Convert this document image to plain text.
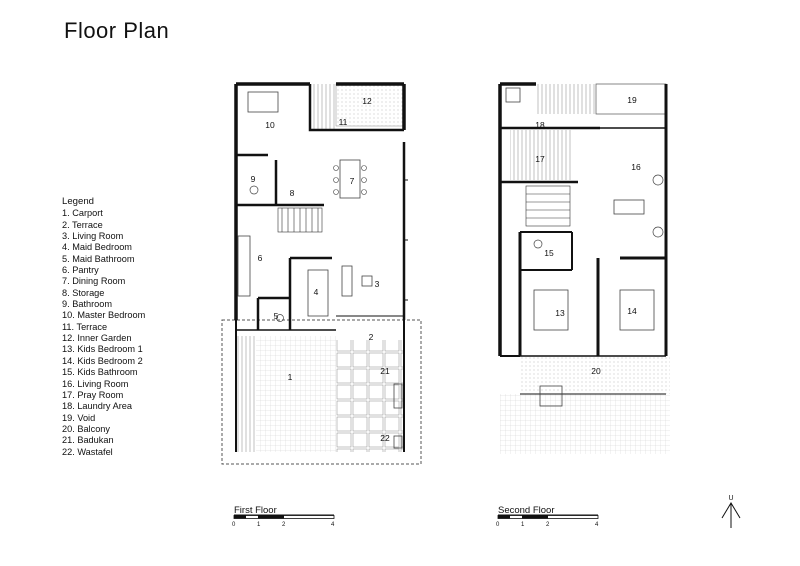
Floor Plan
Legend
1. Carport
2. Terrace
3. Living Room
4. Maid Bedroom
5. Maid Bathroom
6. Pantry
7. Dining Room
8. Storage
9. Bathroom
10. Master Bedroom
11. Terrace
12. Inner Garden
13. Kids Bedroom 1
14. Kids Bedroom 2
15. Kids Bathroom
16. Living Room
17. Pray Room
18. Laundry Area
19. Void
20. Balcony
21. Badukan
22. Wastafel
1
2
3
4
5
6
7
8
9
10	11
12
21
22
13	14
15
16
17
18
19
20
First Floor
0	1	2	4
Second Floor
0	1	2	4
U
